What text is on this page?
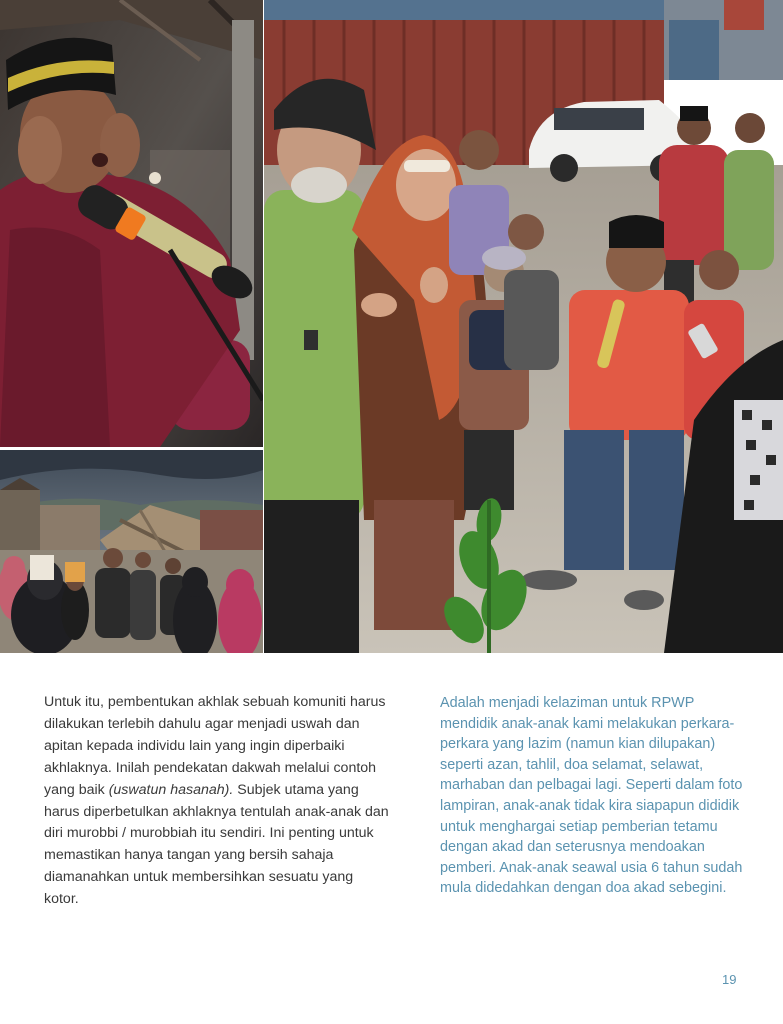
Untuk itu, pembentukan akhlak sebuah komuniti harus dilakukan terlebih dahulu agar menjadi uswah dan apitan kepada individu lain yang ingin diperbaiki akhlaknya. Inilah pendekatan dakwah melalui contoh yang baik (uswatun hasanah). Subjek utama yang harus diperbetulkan akhlaknya tentulah anak-anak dan diri murobbi / murobbiah itu sendiri. Ini penting untuk memastikan hanya tangan yang bersih sahaja diamanahkan untuk membersihkan sesuatu yang kotor.

Adalah menjadi kelaziman untuk RPWP mendidik anak-anak kami melakukan perkara-perkara yang lazim (namun kian dilupakan) seperti azan, tahlil, doa selamat, selawat, marhaban dan pelbagai lagi. Seperti dalam foto lampiran, anak-anak tidak kira siapapun dididik untuk menghargai setiap pemberian tetamu dengan akad dan seterusnya mendoakan pemberi. Anak-anak seawal usia 6 tahun sudah mula didedahkan dengan doa akad sebegini.

19
